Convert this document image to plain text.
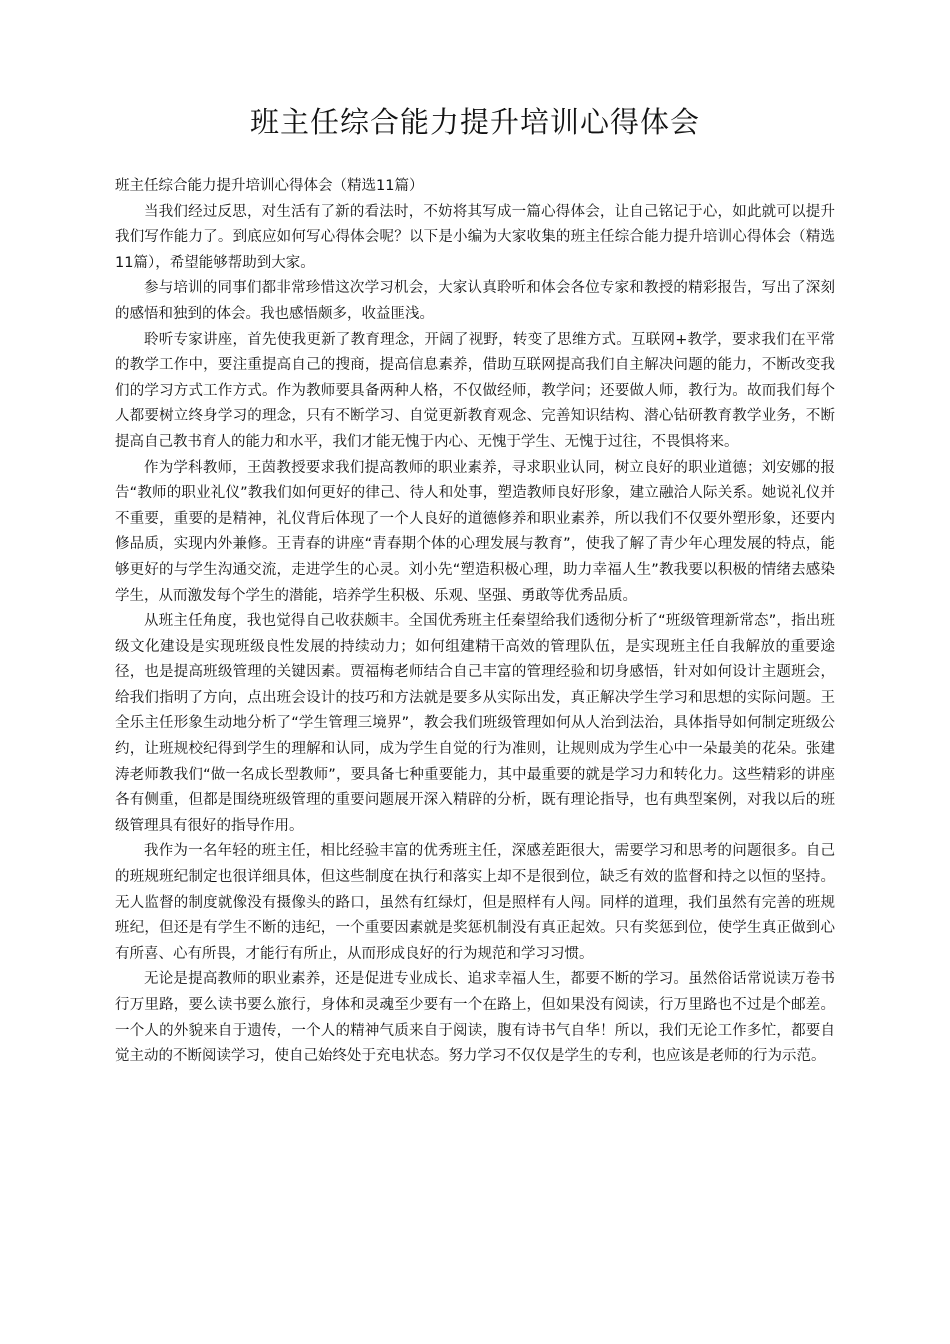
班主任综合能力提升培训心得体会

班主任综合能力提升培训心得体会（精选11篇）

当我们经过反思，对生活有了新的看法时，不妨将其写成一篇心得体会，让自己铭记于心，如此就可以提升我们写作能力了。到底应如何写心得体会呢？以下是小编为大家收集的班主任综合能力提升培训心得体会（精选11篇），希望能够帮助到大家。

参与培训的同事们都非常珍惜这次学习机会，大家认真聆听和体会各位专家和教授的精彩报告，写出了深刻的感悟和独到的体会。我也感悟颇多，收益匪浅。

聆听专家讲座，首先使我更新了教育理念，开阔了视野，转变了思维方式。互联网+教学，要求我们在平常的教学工作中，要注重提高自己的搜商，提高信息素养，借助互联网提高我们自主解决问题的能力，不断改变我们的学习方式工作方式。作为教师要具备两种人格，不仅做经师，教学问；还要做人师，教行为。故而我们每个人都要树立终身学习的理念，只有不断学习、自觉更新教育观念、完善知识结构、潜心钻研教育教学业务，不断提高自己教书育人的能力和水平，我们才能无愧于内心、无愧于学生、无愧于过往，不畏惧将来。

作为学科教师，王茵教授要求我们提高教师的职业素养，寻求职业认同，树立良好的职业道德；刘安娜的报告“教师的职业礼仪”教我们如何更好的律己、待人和处事，塑造教师良好形象，建立融洽人际关系。她说礼仪并不重要，重要的是精神，礼仪背后体现了一个人良好的道德修养和职业素养，所以我们不仅要外塑形象，还要内修品质，实现内外兼修。王青春的讲座“青春期个体的心理发展与教育”，使我了解了青少年心理发展的特点，能够更好的与学生沟通交流，走进学生的心灵。刘小先“塑造积极心理，助力幸福人生”教我要以积极的情绪去感染学生，从而激发每个学生的潜能，培养学生积极、乐观、坚强、勇敢等优秀品质。

从班主任角度，我也觉得自己收获颇丰。全国优秀班主任秦望给我们透彻分析了“班级管理新常态”，指出班级文化建设是实现班级良性发展的持续动力；如何组建精干高效的管理队伍，是实现班主任自我解放的重要途径，也是提高班级管理的关键因素。贾福梅老师结合自己丰富的管理经验和切身感悟，针对如何设计主题班会，给我们指明了方向，点出班会设计的技巧和方法就是要多从实际出发，真正解决学生学习和思想的实际问题。王全乐主任形象生动地分析了“学生管理三境界”，教会我们班级管理如何从人治到法治，具体指导如何制定班级公约，让班规校纪得到学生的理解和认同，成为学生自觉的行为准则，让规则成为学生心中一朵最美的花朵。张建涛老师教我们“做一名成长型教师”，要具备七种重要能力，其中最重要的就是学习力和转化力。这些精彩的讲座各有侧重，但都是围绕班级管理的重要问题展开深入精辟的分析，既有理论指导，也有典型案例，对我以后的班级管理具有很好的指导作用。

我作为一名年轻的班主任，相比经验丰富的优秀班主任，深感差距很大，需要学习和思考的问题很多。自己的班规班纪制定也很详细具体，但这些制度在执行和落实上却不是很到位，缺乏有效的监督和持之以恒的坚持。无人监督的制度就像没有摄像头的路口，虽然有红绿灯，但是照样有人闯。同样的道理，我们虽然有完善的班规班纪，但还是有学生不断的违纪，一个重要因素就是奖惩机制没有真正起效。只有奖惩到位，使学生真正做到心有所喜、心有所畏，才能行有所止，从而形成良好的行为规范和学习习惯。

无论是提高教师的职业素养，还是促进专业成长、追求幸福人生，都要不断的学习。虽然俗话常说读万卷书行万里路，要么读书要么旅行，身体和灵魂至少要有一个在路上，但如果没有阅读，行万里路也不过是个邮差。一个人的外貌来自于遗传，一个人的精神气质来自于阅读，腹有诗书气自华！所以，我们无论工作多忙，都要自觉主动的不断阅读学习，使自己始终处于充电状态。努力学习不仅仅是学生的专利，也应该是老师的行为示范。
